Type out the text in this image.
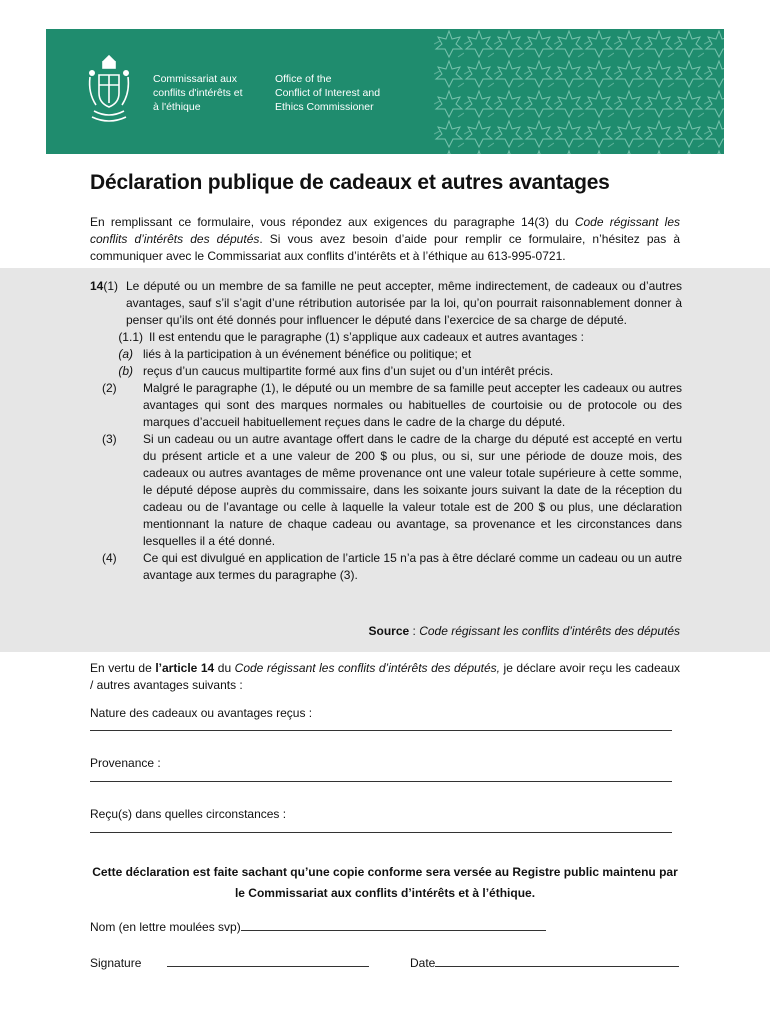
Commissariat aux
conflits d'intérêts et
à l'éthique
Office of the
Conflict of Interest and
Ethics Commissioner
Déclaration publique de cadeaux et autres avantages
En remplissant ce formulaire, vous répondez aux exigences du paragraphe 14(3) du Code régissant les conflits d’intérêts des députés. Si vous avez besoin d’aide pour remplir ce formulaire, n’hésitez pas à communiquer avec le Commissariat aux conflits d’intérêts et à l’éthique au 613-995-0721.
14(1) Le député ou un membre de sa famille ne peut accepter, même indirectement, de cadeaux ou d’autres avantages, sauf s’il s’agit d’une rétribution autorisée par la loi, qu’on pourrait raisonnablement donner à penser qu’ils ont été donnés pour influencer le député dans l’exercice de sa charge de député.
(1.1) Il est entendu que le paragraphe (1) s’applique aux cadeaux et autres avantages :
(a) liés à la participation à un événement bénéfice ou politique; et
(b) reçus d’un caucus multipartite formé aux fins d’un sujet ou d’un intérêt précis.
(2)	Malgré le paragraphe (1), le député ou un membre de sa famille peut accepter les cadeaux ou autres avantages qui sont des marques normales ou habituelles de courtoisie ou de protocole ou des marques d’accueil habituellement reçues dans le cadre de la charge du député.
(3)	Si un cadeau ou un autre avantage offert dans le cadre de la charge du député est accepté en vertu du présent article et a une valeur de 200 $ ou plus, ou si, sur une période de douze mois, des cadeaux ou autres avantages de même provenance ont une valeur totale supérieure à cette somme, le député dépose auprès du commissaire, dans les soixante jours suivant la date de la réception du cadeau ou de l’avantage ou celle à laquelle la valeur totale est de 200 $ ou plus, une déclaration mentionnant la nature de chaque cadeau ou avantage, sa provenance et les circonstances dans lesquelles il a été donné.
(4)	Ce qui est divulgué en application de l’article 15 n’a pas à être déclaré comme un cadeau ou un autre avantage aux termes du paragraphe (3).
Source : Code régissant les conflits d’intérêts des députés
En vertu de l’article 14 du Code régissant les conflits d’intérêts des députés, je déclare avoir reçu les cadeaux / autres avantages suivants :
Nature des cadeaux ou avantages reçus :
Provenance :
Reçu(s) dans quelles circonstances :
Cette déclaration est faite sachant qu’une copie conforme sera versée au Registre public maintenu par
le Commissariat aux conflits d’intérêts et à l’éthique.
Nom (en lettre moulées svp)
Signature	Date
